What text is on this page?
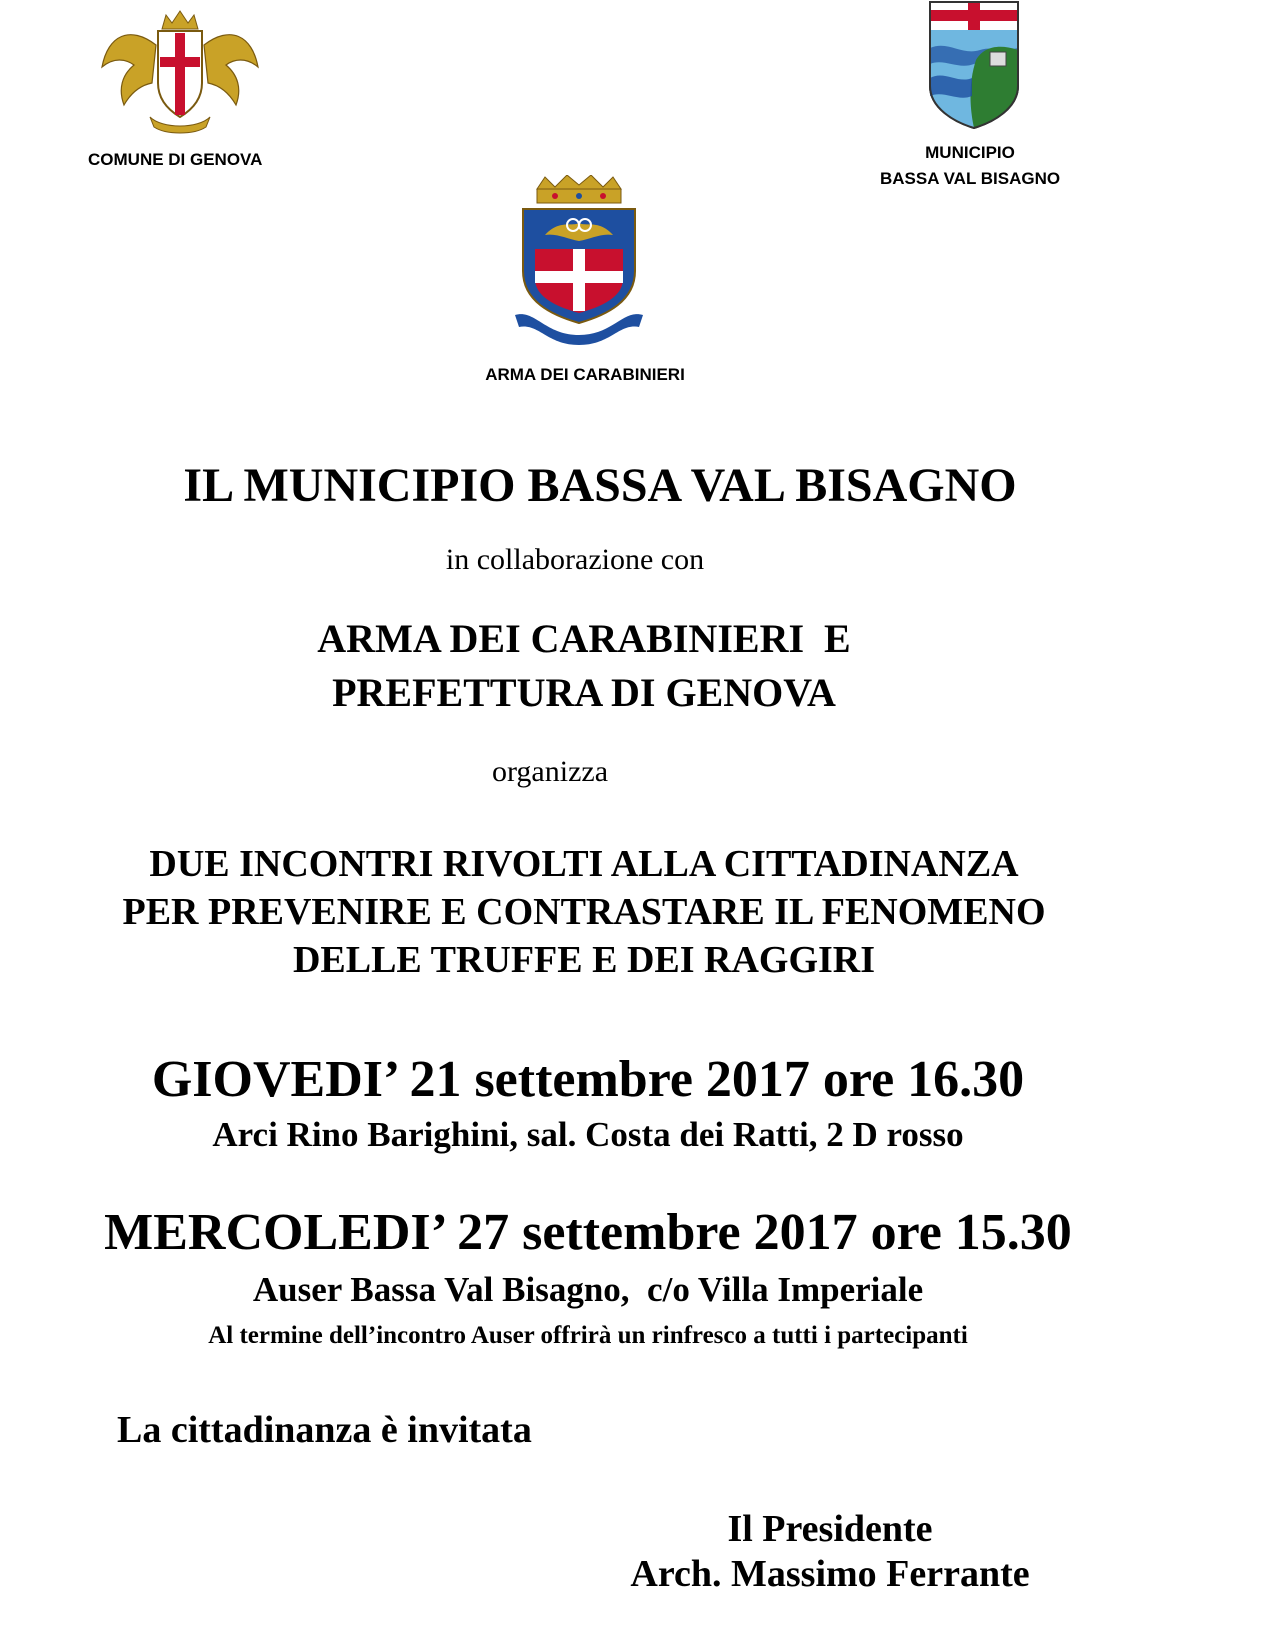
COMUNE DI GENOVA	MUNICIPIO
BASSA VAL BISAGNO
ARMA DEI CARABINIERI
IL MUNICIPIO BASSA VAL BISAGNO
in collaborazione con
ARMA DEI CARABINIERI  E
PREFETTURA DI GENOVA
organizza
DUE INCONTRI RIVOLTI ALLA CITTADINANZA
PER PREVENIRE E CONTRASTARE IL FENOMENO
DELLE TRUFFE E DEI RAGGIRI
GIOVEDI’ 21 settembre 2017 ore 16.30
Arci Rino Barighini, sal. Costa dei Ratti, 2 D rosso
MERCOLEDI’ 27 settembre 2017 ore 15.30
Auser Bassa Val Bisagno,  c/o Villa Imperiale
Al termine dell’incontro Auser offrirà un rinfresco a tutti i partecipanti
La cittadinanza è invitata
Il Presidente
Arch. Massimo Ferrante
